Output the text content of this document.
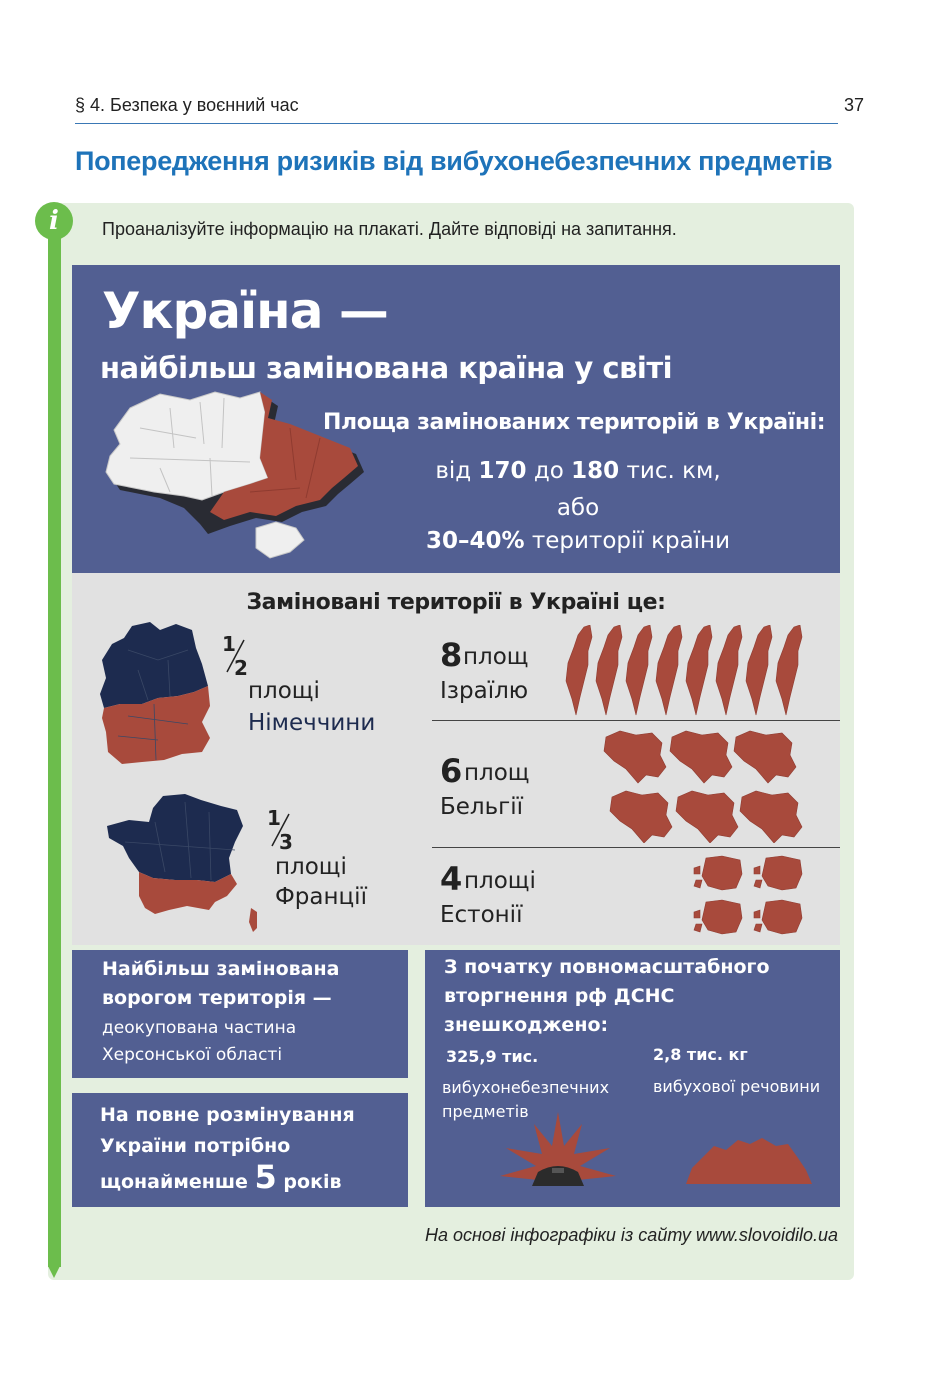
§ 4. Безпека у воєнний час	37
Попередження ризиків від вибухонебезпечних предметів
i	Проаналізуйте інформацію на плакаті. Дайте відповіді на запитання.
Україна —
найбільш замінована країна у світі
Площа замінованих територій в Україні:
від 170 до 180 тис. км,
або
30–40% території країни
Заміновані території в Україні це:
1
2
площі
Німеччини
1
3
площі
Франції
8 площ
Ізраїлю
6 площ
Бельгії
4 площі
Естонії
Найбільш замінована
ворогом територія —
деокупована частина
Херсонської області
На повне розмінування
України потрібно
щонайменше 5 років
З початку повномасштабного
вторгнення рф ДСНС
знешкоджено:
325,9 тис.
вибухонебезпечних
предметів
2,8 тис. кг
вибухової речовини
На основі інфографіки із сайту www.slovoidilo.ua
